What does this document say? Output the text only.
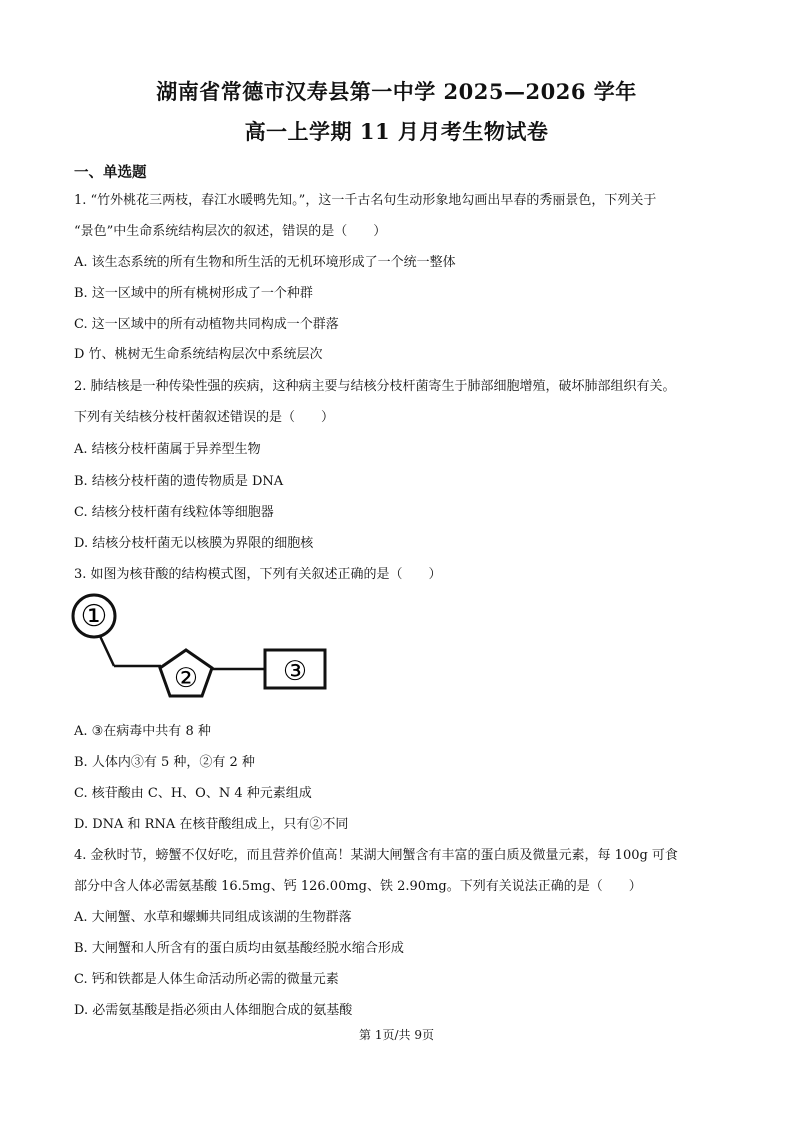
湖南省常德市汉寿县第一中学 2025—2026 学年
高一上学期 11 月月考生物试卷
一、单选题
1. “竹外桃花三两枝，春江水暖鸭先知。”，这一千古名句生动形象地勾画出早春的秀丽景色，下列关于
“景色”中生命系统结构层次的叙述，错误的是（　　）
A. 该生态系统的所有生物和所生活的无机环境形成了一个统一整体
B. 这一区域中的所有桃树形成了一个种群
C. 这一区域中的所有动植物共同构成一个群落
D 竹、桃树无生命系统结构层次中系统层次
2. 肺结核是一种传染性强的疾病，这种病主要与结核分枝杆菌寄生于肺部细胞增殖，破坏肺部组织有关。
下列有关结核分枝杆菌叙述错误的是（　　）
A. 结核分枝杆菌属于异养型生物
B. 结核分枝杆菌的遗传物质是 DNA
C. 结核分枝杆菌有线粒体等细胞器
D. 结核分枝杆菌无以核膜为界限的细胞核
3. 如图为核苷酸的结构模式图，下列有关叙述正确的是（　　）
①
②	③
A. ③在病毒中共有 8 种
B. 人体内③有 5 种，②有 2 种
C. 核苷酸由 C、H、O、N 4 种元素组成
D. DNA 和 RNA 在核苷酸组成上，只有②不同
4. 金秋时节，螃蟹不仅好吃，而且营养价值高！某湖大闸蟹含有丰富的蛋白质及微量元素，每 100g 可食
部分中含人体必需氨基酸 16.5mg、钙 126.00mg、铁 2.90mg。下列有关说法正确的是（　　）
A. 大闸蟹、水草和螺蛳共同组成该湖的生物群落
B. 大闸蟹和人所含有的蛋白质均由氨基酸经脱水缩合形成
C. 钙和铁都是人体生命活动所必需的微量元素
D. 必需氨基酸是指必须由人体细胞合成的氨基酸
第 1页/共 9页
